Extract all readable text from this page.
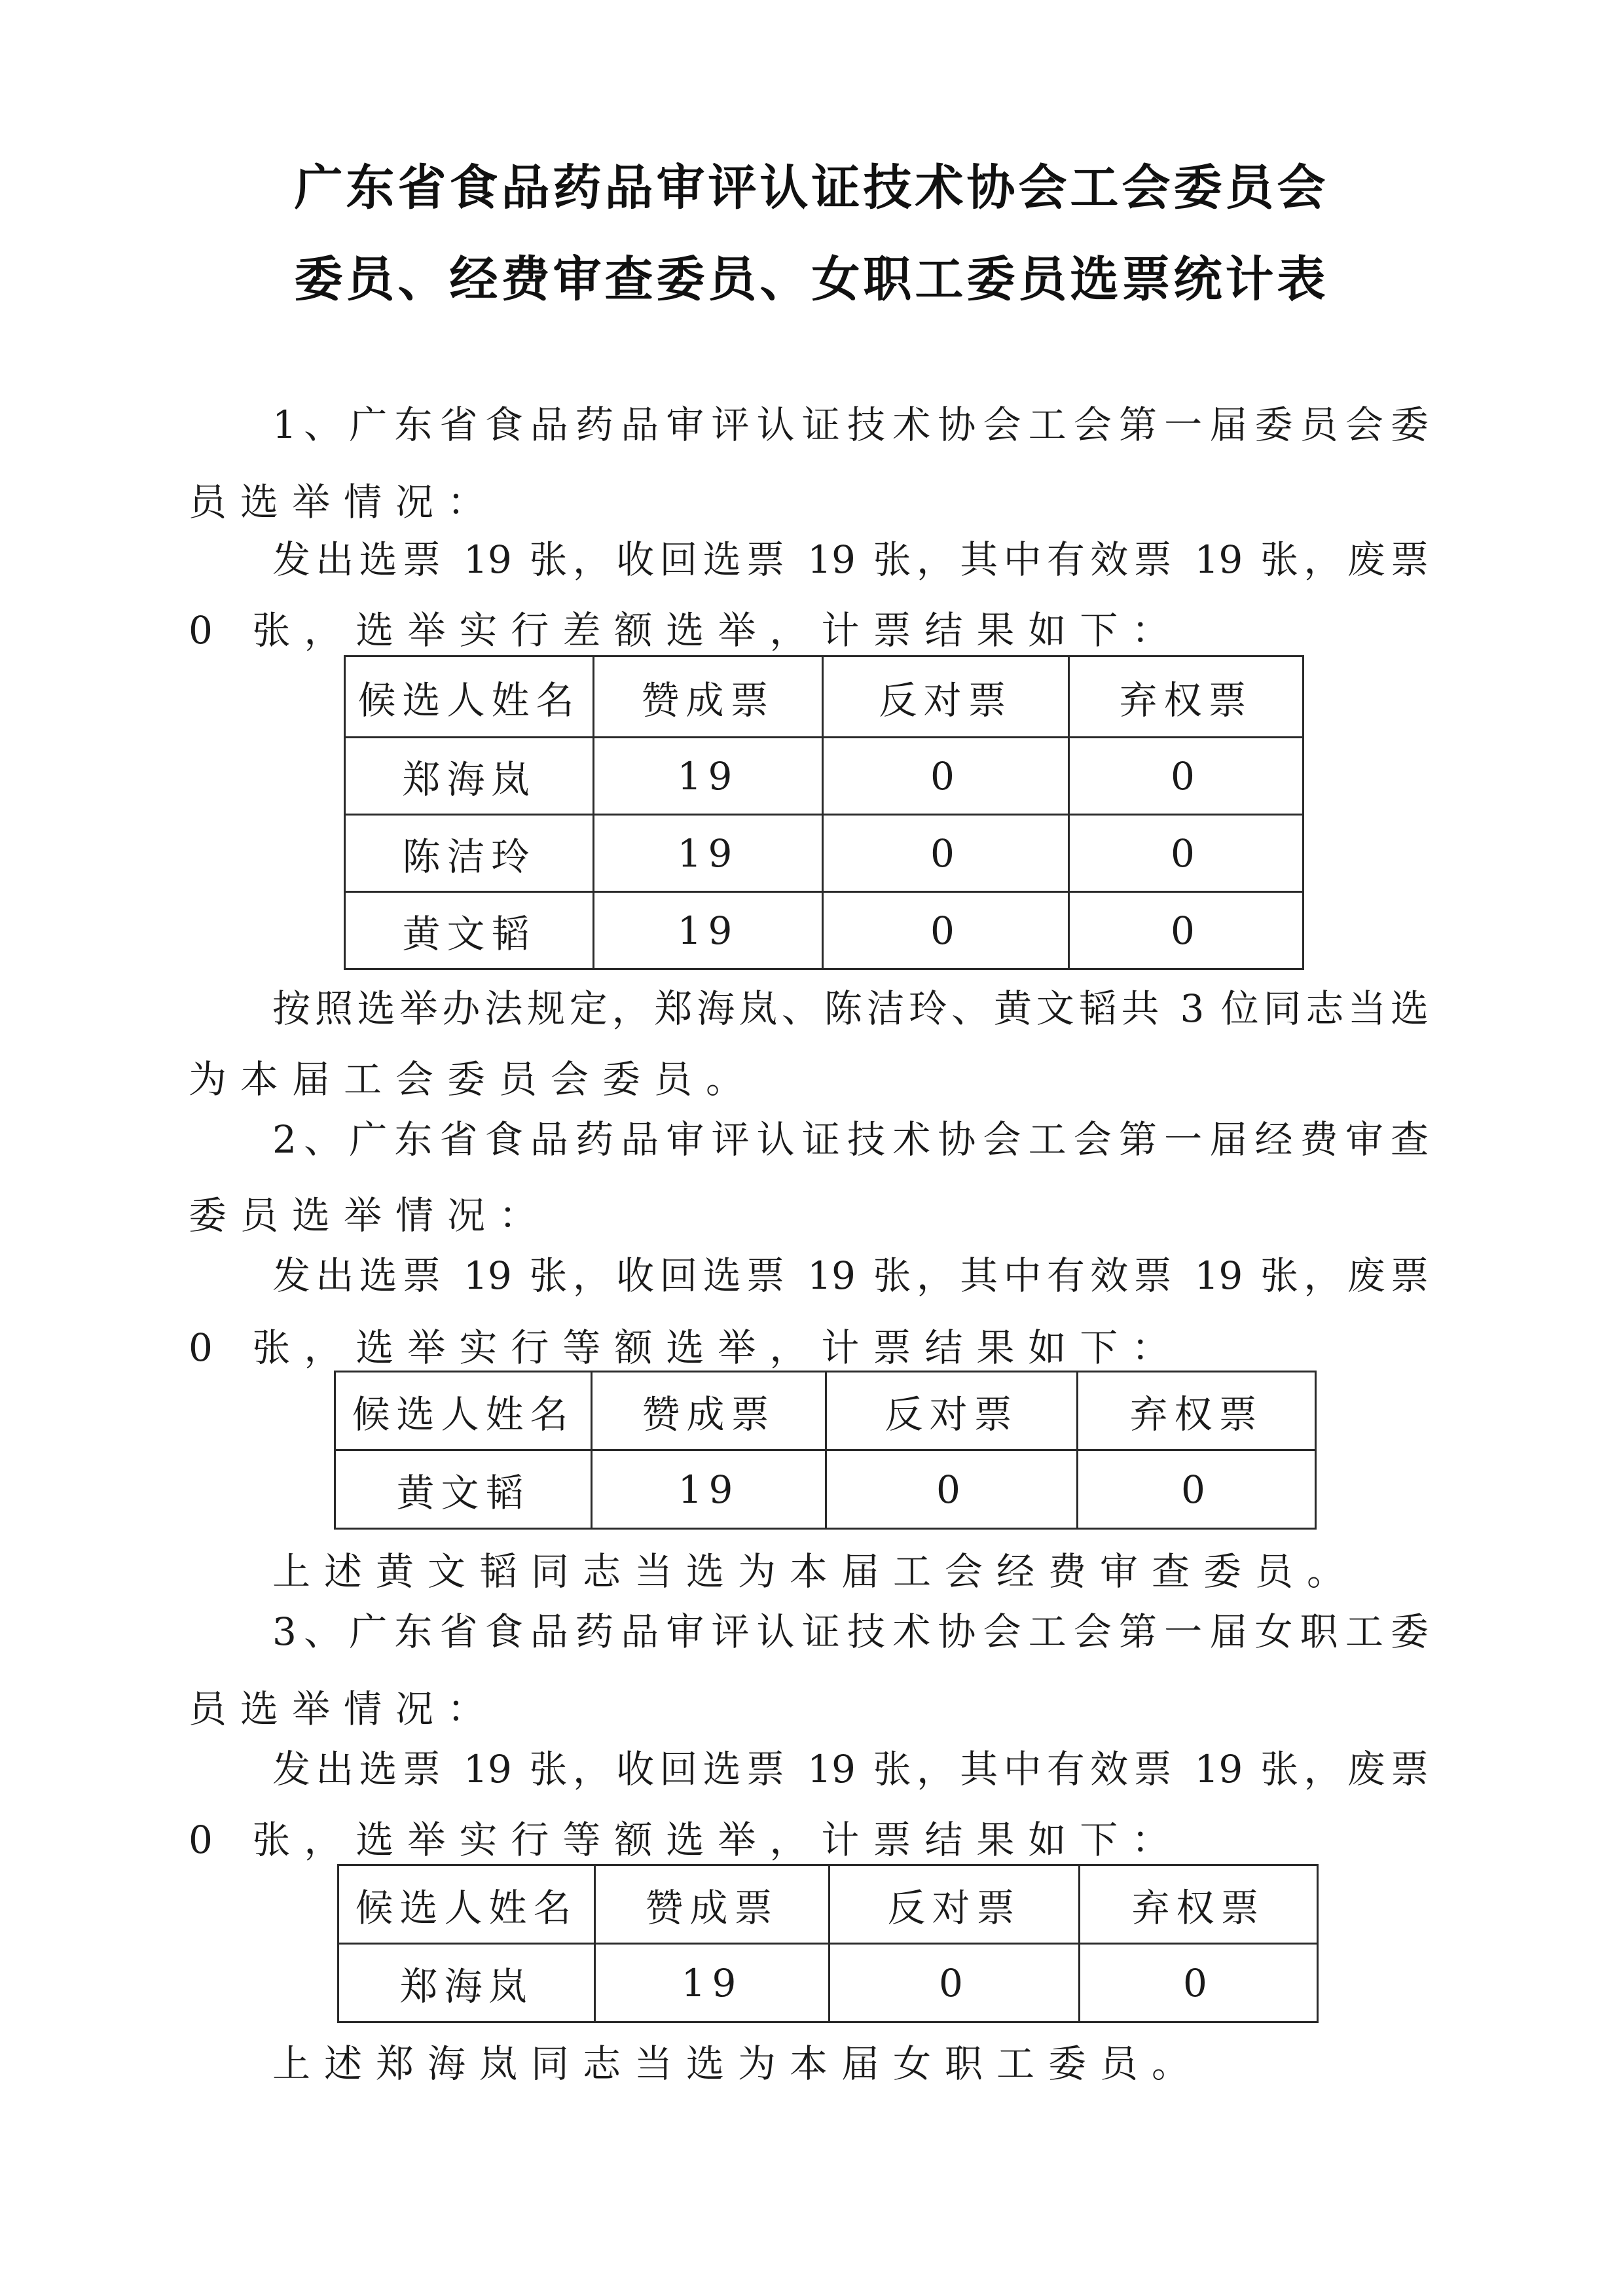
广东省食品药品审评认证技术协会工会委员会
委员、经费审查委员、女职工委员选票统计表
1、广东省食品药品审评认证技术协会工会第一届委员会委
员选举情况：
发出选票 19 张，收回选票 19 张，其中有效票 19 张，废票
0 张，选举实行差额选举，计票结果如下：
候选人姓名	赞成票	反对票	弃权票
郑海岚	19	0	0
陈洁玲	19	0	0
黄文韬	19	0	0
按照选举办法规定，郑海岚、陈洁玲、黄文韬共 3 位同志当选
为本届工会委员会委员。
2、广东省食品药品审评认证技术协会工会第一届经费审查
委员选举情况：
发出选票 19 张，收回选票 19 张，其中有效票 19 张，废票
0 张，选举实行等额选举，计票结果如下：
候选人姓名	赞成票	反对票	弃权票
黄文韬	19	0	0
上述黄文韬同志当选为本届工会经费审查委员。
3、广东省食品药品审评认证技术协会工会第一届女职工委
员选举情况：
发出选票 19 张，收回选票 19 张，其中有效票 19 张，废票
0 张，选举实行等额选举，计票结果如下：
候选人姓名	赞成票	反对票	弃权票
郑海岚	19	0	0
上述郑海岚同志当选为本届女职工委员。
